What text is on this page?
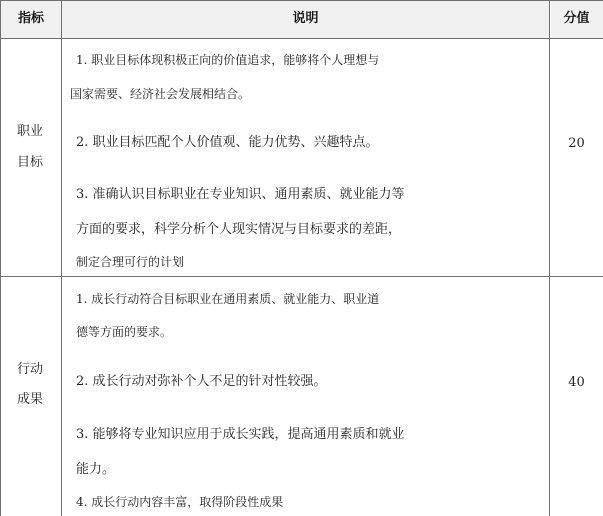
指标	说明	分值
职业
目标
20
1. 职业目标体现积极正向的价值追求，能够将个人理想与
国家需要、经济社会发展相结合。
2. 职业目标匹配个人价值观、能力优势、兴趣特点。
3. 准确认识目标职业在专业知识、通用素质、就业能力等
方面的要求，科学分析个人现实情况与目标要求的差距，
制定合理可行的计划
行动
成果
40
1. 成长行动符合目标职业在通用素质、就业能力、职业道
德等方面的要求。
2. 成长行动对弥补个人不足的针对性较强。
3. 能够将专业知识应用于成长实践，提高通用素质和就业
能力。
4. 成长行动内容丰富，取得阶段性成果
